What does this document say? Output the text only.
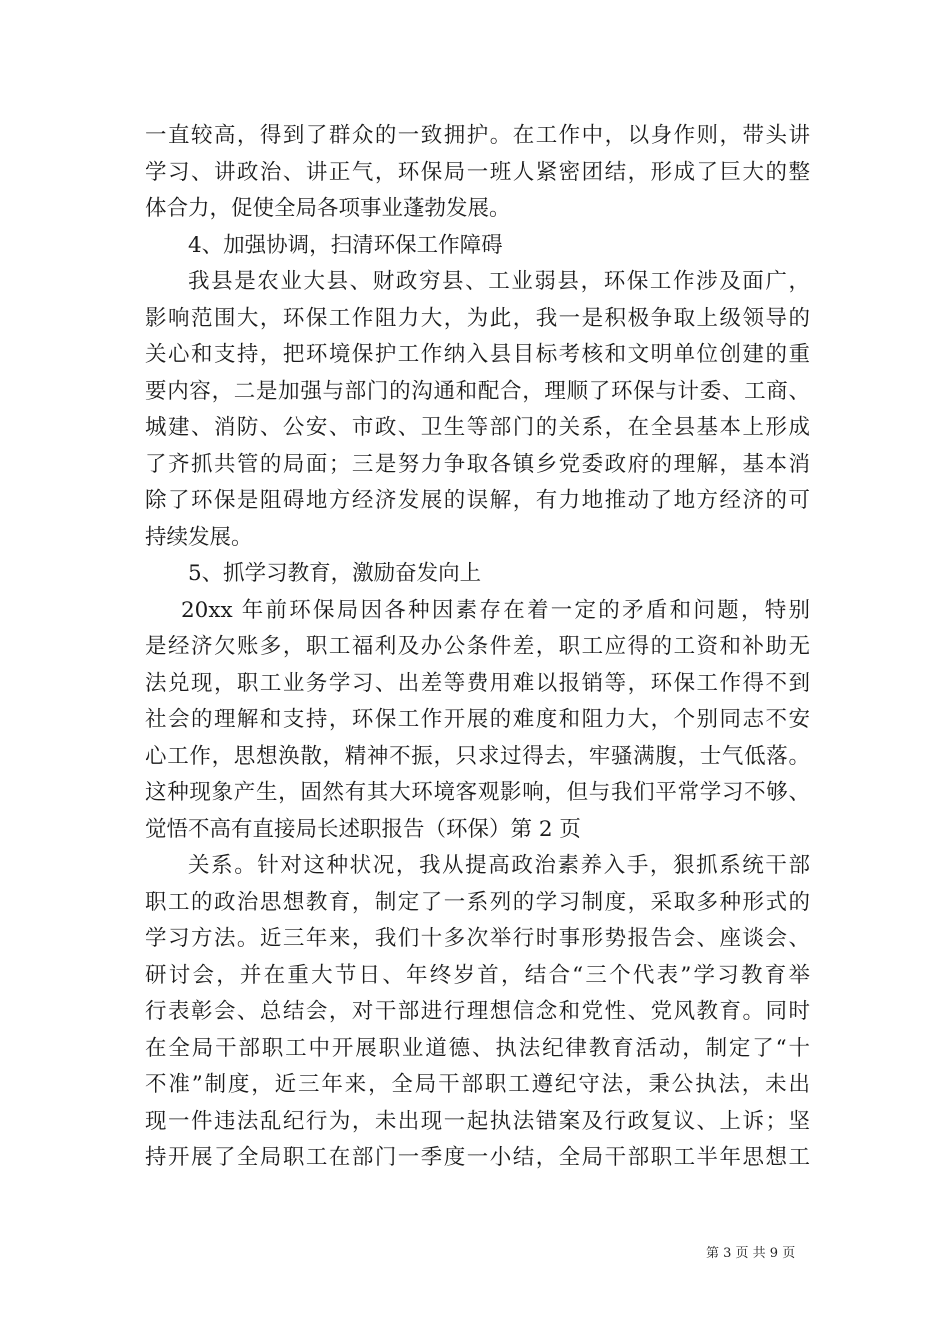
一直较高，得到了群众的一致拥护。在工作中，以身作则，带头讲
学习、讲政治、讲正气，环保局一班人紧密团结，形成了巨大的整
体合力，促使全局各项事业蓬勃发展。
4、加强协调，扫清环保工作障碍
我县是农业大县、财政穷县、工业弱县，环保工作涉及面广，
影响范围大，环保工作阻力大，为此，我一是积极争取上级领导的
关心和支持，把环境保护工作纳入县目标考核和文明单位创建的重
要内容，二是加强与部门的沟通和配合，理顺了环保与计委、工商、
城建、消防、公安、市政、卫生等部门的关系，在全县基本上形成
了齐抓共管的局面；三是努力争取各镇乡党委政府的理解，基本消
除了环保是阻碍地方经济发展的误解，有力地推动了地方经济的可
持续发展。
5、抓学习教育，激励奋发向上
20xx 年前环保局因各种因素存在着一定的矛盾和问题，特别
是经济欠账多，职工福利及办公条件差，职工应得的工资和补助无
法兑现，职工业务学习、出差等费用难以报销等，环保工作得不到
社会的理解和支持，环保工作开展的难度和阻力大，个别同志不安
心工作，思想涣散，精神不振，只求过得去，牢骚满腹，士气低落。
这种现象产生，固然有其大环境客观影响，但与我们平常学习不够、
觉悟不高有直接局长述职报告（环保）第 2 页
关系。针对这种状况，我从提高政治素养入手，狠抓系统干部
职工的政治思想教育，制定了一系列的学习制度，采取多种形式的
学习方法。近三年来，我们十多次举行时事形势报告会、座谈会、
研讨会，并在重大节日、年终岁首，结合“三个代表”学习教育举
行表彰会、总结会，对干部进行理想信念和党性、党风教育。同时
在全局干部职工中开展职业道德、执法纪律教育活动，制定了“十
不准”制度，近三年来，全局干部职工遵纪守法，秉公执法，未出
现一件违法乱纪行为，未出现一起执法错案及行政复议、上诉；坚
持开展了全局职工在部门一季度一小结，全局干部职工半年思想工
第 3 页 共 9 页
